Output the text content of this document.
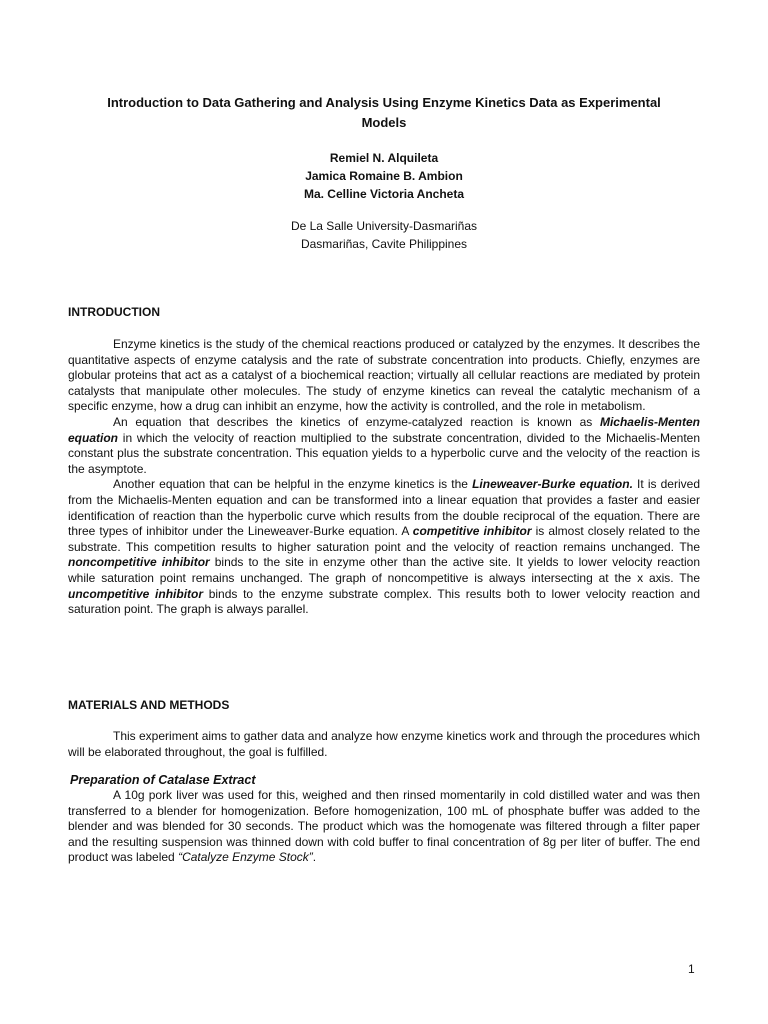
Introduction to Data Gathering and Analysis Using Enzyme Kinetics Data as Experimental Models
Remiel N. Alquileta
Jamica Romaine B. Ambion
Ma. Celline Victoria Ancheta
De La Salle University-Dasmariñas
Dasmariñas, Cavite Philippines
INTRODUCTION

Enzyme kinetics is the study of the chemical reactions produced or catalyzed by the enzymes. It describes the quantitative aspects of enzyme catalysis and the rate of substrate concentration into products. Chiefly, enzymes are globular proteins that act as a catalyst of a biochemical reaction; virtually all cellular reactions are mediated by protein catalysts that manipulate other molecules. The study of enzyme kinetics can reveal the catalytic mechanism of a specific enzyme, how a drug can inhibit an enzyme, how the activity is controlled, and the role in metabolism.

An equation that describes the kinetics of enzyme-catalyzed reaction is known as Michaelis-Menten equation in which the velocity of reaction multiplied to the substrate concentration, divided to the Michaelis-Menten constant plus the substrate concentration. This equation yields to a hyperbolic curve and the velocity of the reaction is the asymptote.

Another equation that can be helpful in the enzyme kinetics is the Lineweaver-Burke equation. It is derived from the Michaelis-Menten equation and can be transformed into a linear equation that provides a faster and easier identification of reaction than the hyperbolic curve which results from the double reciprocal of the equation. There are three types of inhibitor under the Lineweaver-Burke equation. A competitive inhibitor is almost closely related to the substrate. This competition results to higher saturation point and the velocity of reaction remains unchanged. The noncompetitive inhibitor binds to the site in enzyme other than the active site. It yields to lower velocity reaction while saturation point remains unchanged. The graph of noncompetitive is always intersecting at the x axis. The uncompetitive inhibitor binds to the enzyme substrate complex. This results both to lower velocity reaction and saturation point. The graph is always parallel.

MATERIALS AND METHODS

This experiment aims to gather data and analyze how enzyme kinetics work and through the procedures which will be elaborated throughout, the goal is fulfilled.

Preparation of Catalase Extract

A 10g pork liver was used for this, weighed and then rinsed momentarily in cold distilled water and was then transferred to a blender for homogenization. Before homogenization, 100 mL of phosphate buffer was added to the blender and was blended for 30 seconds. The product which was the homogenate was filtered through a filter paper and the resulting suspension was thinned down with cold buffer to final concentration of 8g per liter of buffer. The end product was labeled “Catalyze Enzyme Stock”.

1
